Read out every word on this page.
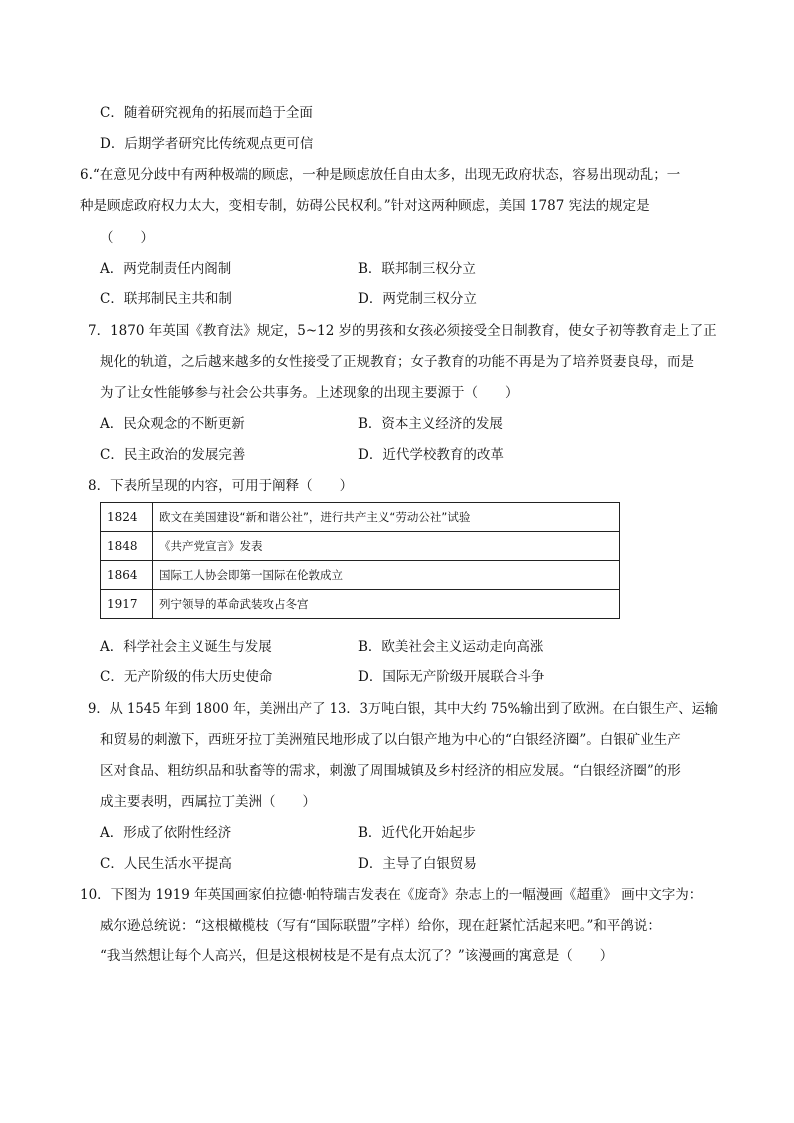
C．随着研究视角的拓展而趋于全面
D．后期学者研究比传统观点更可信
6.“在意见分歧中有两种极端的顾虑，一种是顾虑放任自由太多，出现无政府状态，容易出现动乱；一
种是顾虑政府权力太大，变相专制，妨碍公民权利。”针对这两种顾虑，美国 1787 宪法的规定是
（　　）
A．两党制责任内阁制	B．联邦制三权分立
C．联邦制民主共和制	D．两党制三权分立
7．1870 年英国《教育法》规定，5~12 岁的男孩和女孩必须接受全日制教育，使女子初等教育走上了正
规化的轨道，之后越来越多的女性接受了正规教育；女子教育的功能不再是为了培养贤妻良母，而是
为了让女性能够参与社会公共事务。上述现象的出现主要源于（　　）
A．民众观念的不断更新	B．资本主义经济的发展
C．民主政治的发展完善	D．近代学校教育的改革
8．下表所呈现的内容，可用于阐释（　　）
1824	欧文在美国建设“新和谐公社”，进行共产主义“劳动公社”试验
1848	《共产党宣言》发表
1864	国际工人协会即第一国际在伦敦成立
1917	列宁领导的革命武装攻占冬宫
A．科学社会主义诞生与发展	B．欧美社会主义运动走向高涨
C．无产阶级的伟大历史使命	D．国际无产阶级开展联合斗争
9．从 1545 年到 1800 年，美洲出产了 13．3万吨白银，其中大约 75%输出到了欧洲。在白银生产、运输
和贸易的刺激下，西班牙拉丁美洲殖民地形成了以白银产地为中心的“白银经济圈”。白银矿业生产
区对食品、粗纺织品和驮畜等的需求，刺激了周围城镇及乡村经济的相应发展。“白银经济圈”的形
成主要表明，西属拉丁美洲（　　）
A．形成了依附性经济	B．近代化开始起步
C．人民生活水平提高	D．主导了白银贸易
10．下图为 1919 年英国画家伯拉德·帕特瑞吉发表在《庞奇》杂志上的一幅漫画《超重》 画中文字为：
威尔逊总统说：“这根橄榄枝（写有“国际联盟”字样）给你，现在赶紧忙活起来吧。”和平鸽说：
“我当然想让每个人高兴，但是这根树枝是不是有点太沉了？”该漫画的寓意是（　　）
